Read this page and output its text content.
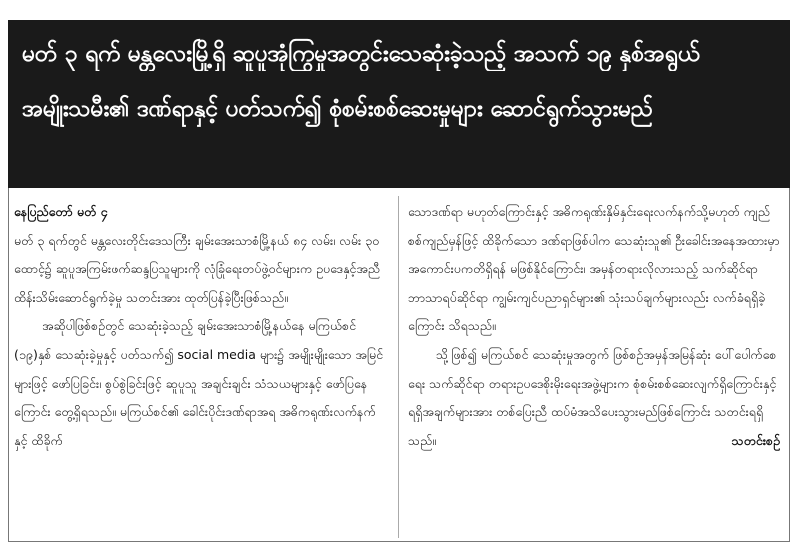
မတ် ၃ ရက် မန္တလေးမြို့ရှိ ဆူပူအုံကြွမှုအတွင်းသေဆုံးခဲ့သည့် အသက် ၁၉ နှစ်အရွယ်
အမျိုးသမီး၏ ဒဏ်ရာနှင့် ပတ်သက်၍ စုံစမ်းစစ်ဆေးမှုများ ဆောင်ရွက်သွားမည်

နေပြည်တော် မတ် ၄

မတ် ၃ ရက်တွင် မန္တလေးတိုင်းဒေသကြီး ချမ်းအေးသာစံမြို့နယ် ၈၄ လမ်း၊ လမ်း ၃၀ ထောင့်၌ ဆူပူအကြမ်းဖက်ဆန္ဒပြသူများကို လုံခြုံရေးတပ်ဖွဲ့ဝင်များက ဥပဒေနှင့်အညီ ထိန်းသိမ်းဆောင်ရွက်ခဲ့မှု သတင်းအား ထုတ်ပြန်ခဲ့ပြီးဖြစ်သည်။

အဆိုပါဖြစ်စဉ်တွင် သေဆုံးခဲ့သည့် ချမ်းအေးသာစံမြို့နယ်နေ မကြယ်စင် (၁၉)နှစ် သေဆုံးခဲ့မှုနှင့် ပတ်သက်၍ social media များ၌ အမျိုးမျိုးသော အမြင်များဖြင့် ဖော်ပြခြင်း၊ စွပ်စွဲခြင်းဖြင့် ဆူပူသူ အချင်းချင်း သံသယများနှင့် ဖော်ပြနေကြောင်း တွေ့ရှိရသည်။ မကြယ်စင်၏ ခေါင်းပိုင်းဒဏ်ရာအရ အဓိကရုဏ်းလက်နက်နှင့် ထိခိုက်

သောဒဏ်ရာ မဟုတ်ကြောင်းနှင့် အဓိကရုဏ်းနှိမ်နှင်းရေးလက်နက်သို့မဟုတ် ကျည်စစ်ကျည်မှန်ဖြင့် ထိခိုက်သော ဒဏ်ရာဖြစ်ပါက သေဆုံးသူ၏ ဦးခေါင်းအနေအထားမှာ အကောင်းပကတိရှိရန် မဖြစ်နိုင်ကြောင်း၊ အမှန်တရားလိုလားသည့် သက်ဆိုင်ရာ ဘာသာရပ်ဆိုင်ရာ ကျွမ်းကျင်ပညာရှင်များ၏ သုံးသပ်ချက်များလည်း လက်ခံရရှိခဲ့ကြောင်း သိရသည်။

သို့ဖြစ်၍ မကြယ်စင် သေဆုံးမှုအတွက် ဖြစ်စဉ်အမှန်အမြန်ဆုံး ပေါ်ပေါက်စေရေး သက်ဆိုင်ရာ တရားဥပဒေစိုးမိုးရေးအဖွဲ့များက စုံစမ်းစစ်ဆေးလျက်ရှိကြောင်းနှင့် ရရှိအချက်များအား တစ်ပြေးညီ ထပ်မံအသိပေးသွားမည်ဖြစ်ကြောင်း သတင်းရရှိသည်။	သတင်းစဉ်
